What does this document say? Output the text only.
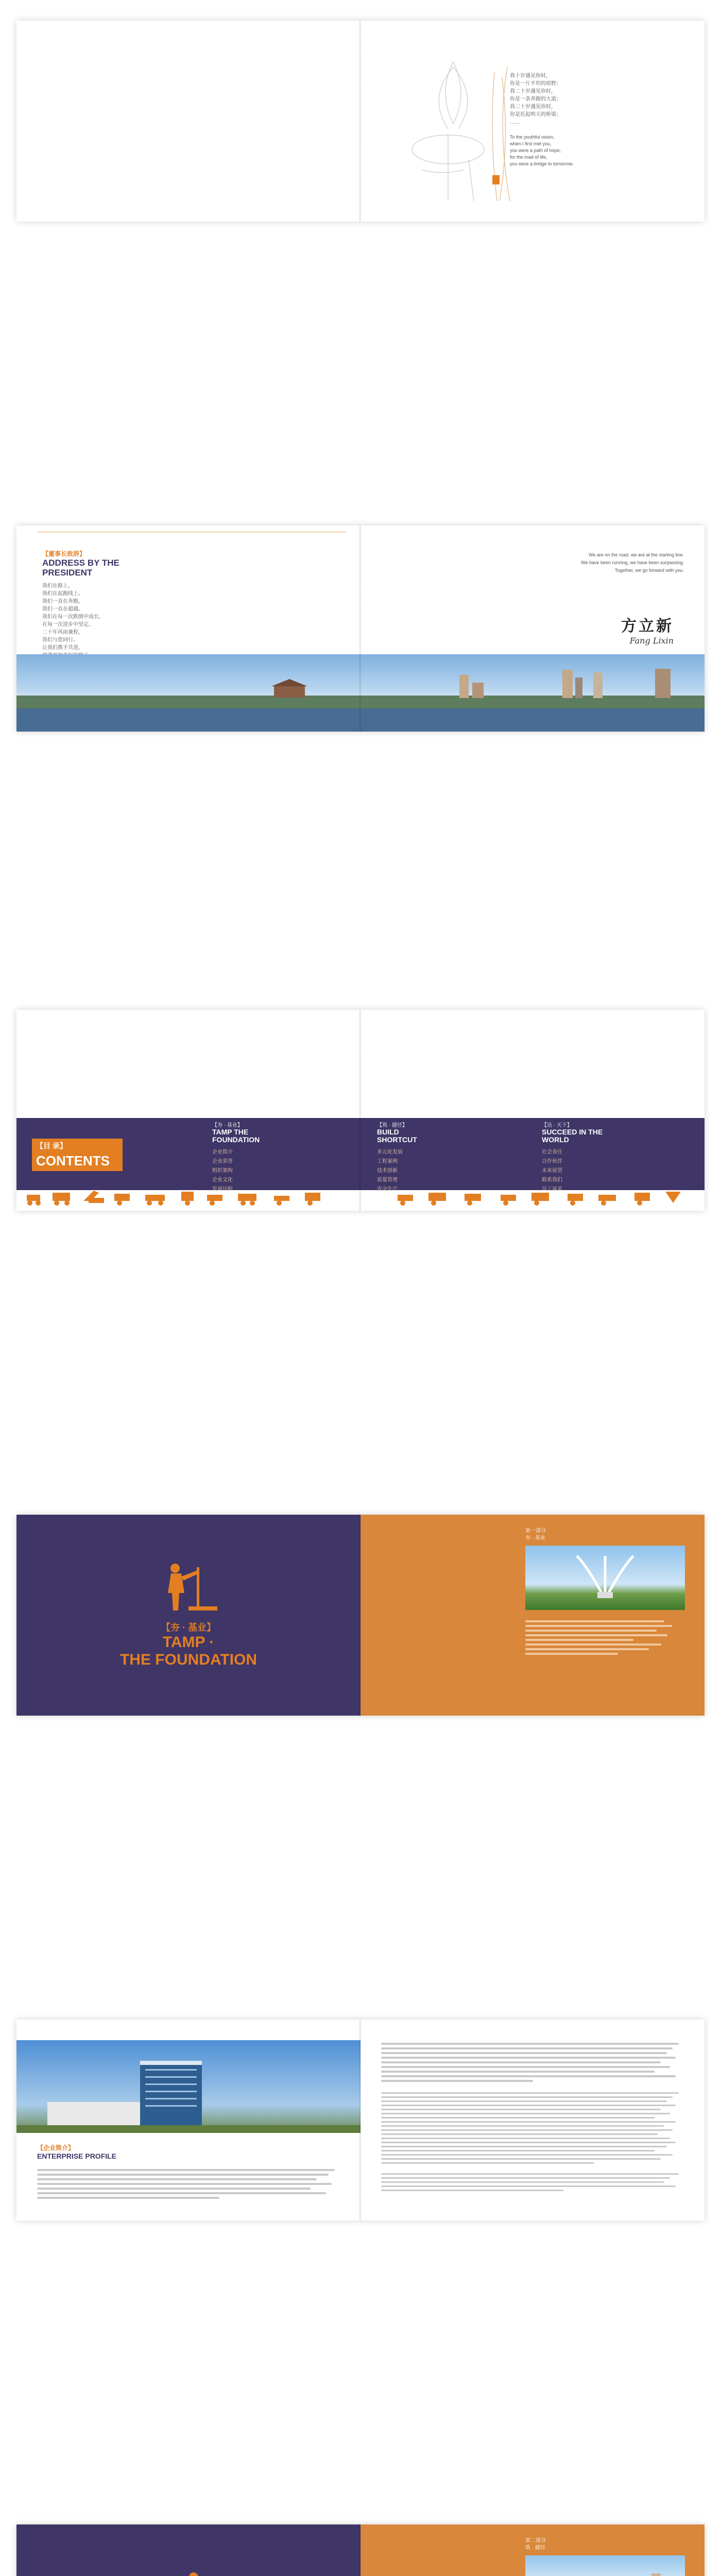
我十岁遇见你时，
你是一片平坦的原野；
我二十岁遇见你时，
你是一条奔跑的大道；
我三十岁遇见你时，
你是托起明天的桥梁；
……
To the youthful vision,
when I first met you,
you were a path of hope,
for the road of life,
you were a bridge to tomorrow.
【董事长致辞】
ADDRESS BY THE PRESIDENT
我们在路上，
我们在起跑线上。
我们一直在奔跑，
我们一直在超越。
我们在每一次跌倒中成长，
在每一次进步中坚定。
二十年风雨兼程，
我们与您同行。
让我们携手共进，
We are on the road, we are at the starting line.
We have been running, we have been surpassing.
Together, we go forward with you.
方立新
Fang Lixin
【目 录】
CONTENTS
【夯 · 基业】
TAMP THE FOUNDATION
企业简介
企业荣誉
组织架构
企业文化
发展历程
【筑 · 捷径】
BUILD SHORTCUT
多元化发展
工程案例
技术创新
质量管理
安全生产
【达 · 天下】
SUCCEED IN THE WORLD
社会责任
合作伙伴
未来展望
联系我们
员工风采
【夯 · 基业】
TAMP ·
THE FOUNDATION
第一部分
夯 · 基业
【企业简介】
ENTERPRISE PROFILE
第二部分
筑 · 捷径
